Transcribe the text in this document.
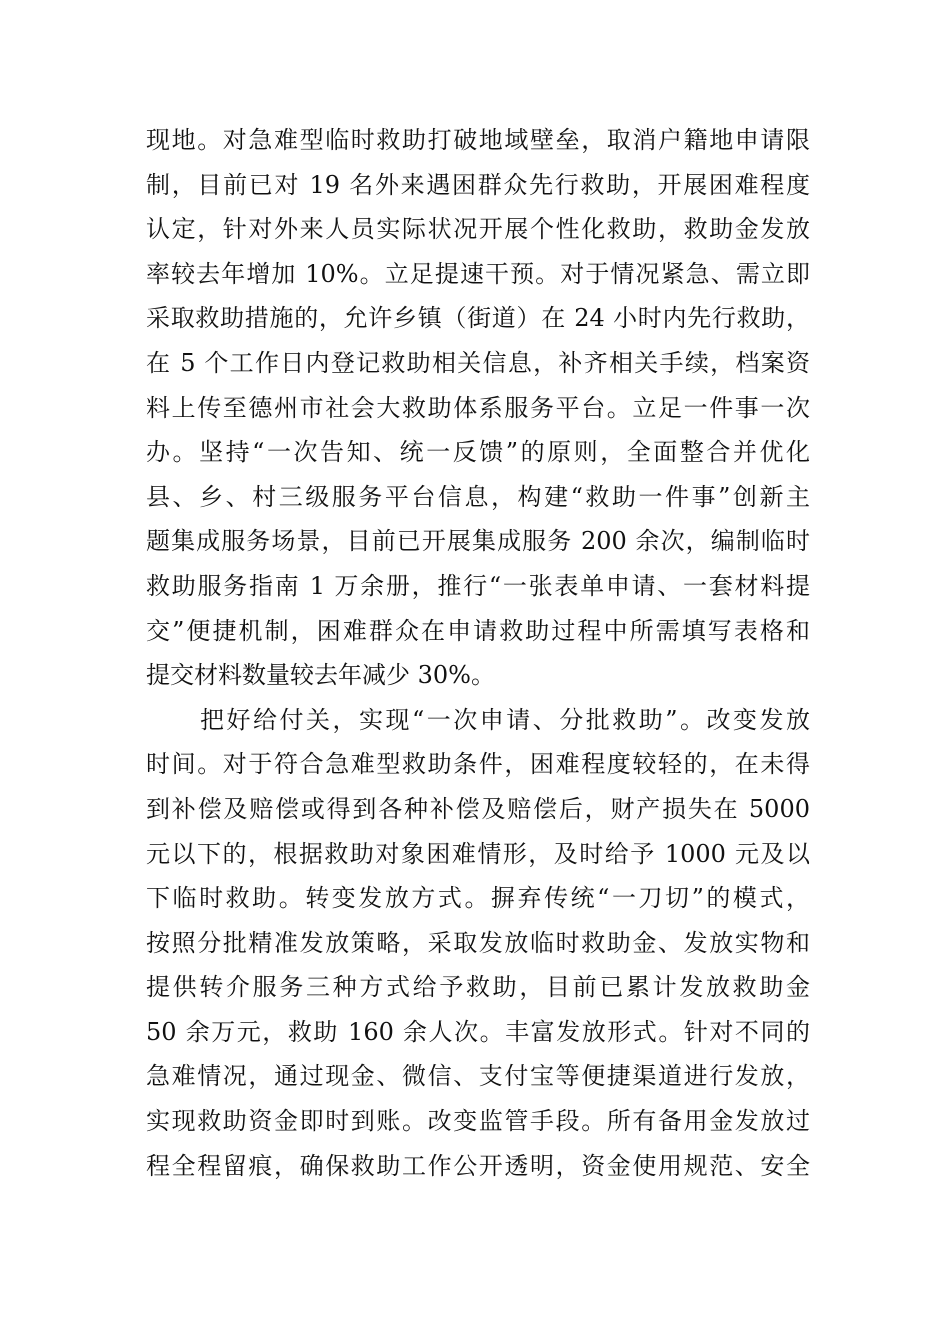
现地。对急难型临时救助打破地域壁垒，取消户籍地申请限
制，目前已对 19 名外来遇困群众先行救助，开展困难程度
认定，针对外来人员实际状况开展个性化救助，救助金发放
率较去年增加 10%。立足提速干预。对于情况紧急、需立即
采取救助措施的，允许乡镇（街道）在 24 小时内先行救助，
在 5 个工作日内登记救助相关信息，补齐相关手续，档案资
料上传至德州市社会大救助体系服务平台。立足一件事一次
办。坚持“一次告知、统一反馈”的原则，全面整合并优化
县、乡、村三级服务平台信息，构建“救助一件事”创新主
题集成服务场景，目前已开展集成服务 200 余次，编制临时
救助服务指南 1 万余册，推行“一张表单申请、一套材料提
交”便捷机制，困难群众在申请救助过程中所需填写表格和
提交材料数量较去年减少 30%。
把好给付关，实现“一次申请、分批救助”。改变发放
时间。对于符合急难型救助条件，困难程度较轻的，在未得
到补偿及赔偿或得到各种补偿及赔偿后，财产损失在 5000
元以下的，根据救助对象困难情形，及时给予 1000 元及以
下临时救助。转变发放方式。摒弃传统“一刀切”的模式，
按照分批精准发放策略，采取发放临时救助金、发放实物和
提供转介服务三种方式给予救助，目前已累计发放救助金
50 余万元，救助 160 余人次。丰富发放形式。针对不同的
急难情况，通过现金、微信、支付宝等便捷渠道进行发放，
实现救助资金即时到账。改变监管手段。所有备用金发放过
程全程留痕，确保救助工作公开透明，资金使用规范、安全
